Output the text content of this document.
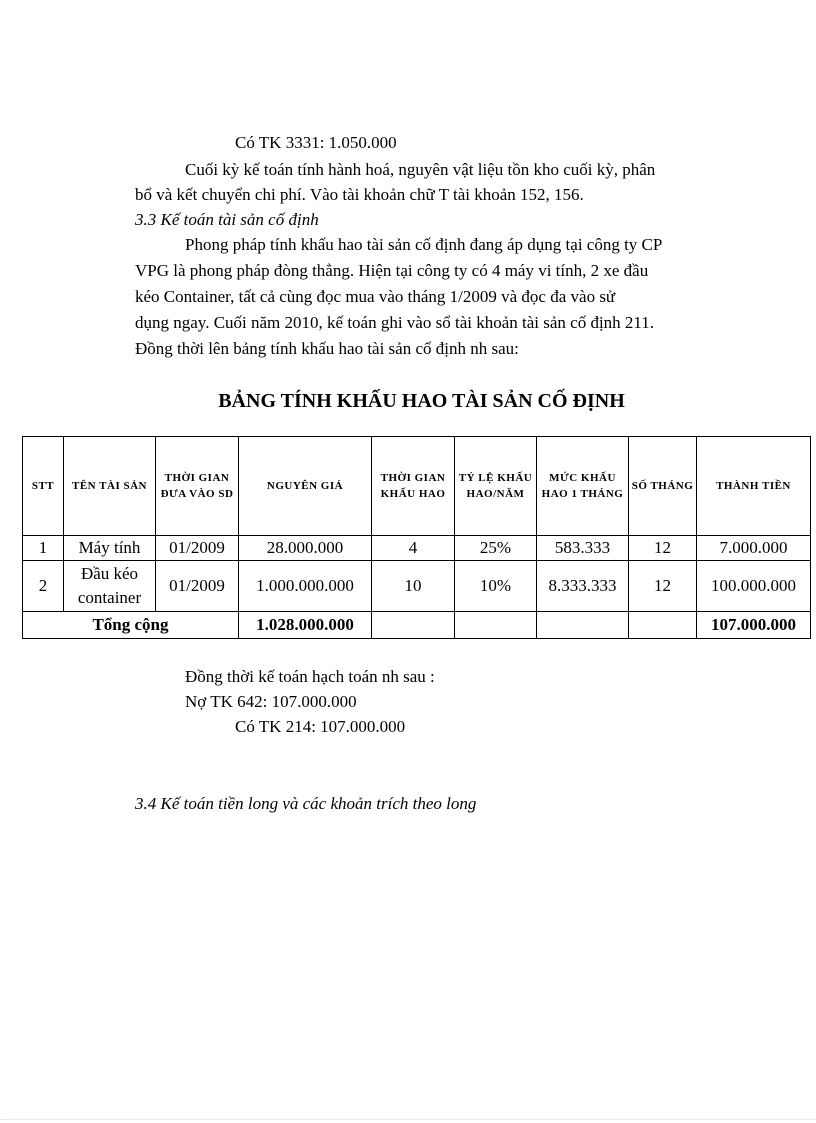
Có TK 3331: 1.050.000
Cuối kỳ kế toán tính hành hoá, nguyên vật liệu tồn kho cuối kỳ, phân
bổ và kết chuyển chi phí. Vào tài khoản chữ T tài khoản 152, 156.
3.3 Kế toán tài sản cố định
Phong pháp tính khấu hao tài sản cố định đang áp dụng tại công ty CP
VPG là phong pháp đòng thẳng. Hiện tại công ty có 4 máy vi tính, 2 xe đầu
kéo Container, tất cả cùng đọc mua vào tháng 1/2009 và đọc đa vào sử
dụng ngay. Cuối năm 2010, kế toán ghi vào sổ tài khoản tài sản cố định 211.
Đồng thời lên bảng tính khấu hao tài sản cố định nh sau:
BẢNG TÍNH KHẤU HAO TÀI SẢN CỐ ĐỊNH
STT	TÊN TÀI SẢN	THỜI GIAN ĐƯA VÀO SD	NGUYÊN GIÁ	THỜI GIAN KHẤU HAO	TỶ LỆ KHẤU HAO/NĂM	MỨC KHẤU HAO 1 THÁNG	SỐ THÁNG	THÀNH TIỀN
1	Máy tính	01/2009	28.000.000	4	25%	583.333	12	7.000.000
2	Đầu kéo container	01/2009	1.000.000.000	10	10%	8.333.333	12	100.000.000
Tổng cộng			1.028.000.000					107.000.000
Đồng thời kế toán hạch toán nh sau :
Nợ TK 642: 107.000.000
Có TK 214: 107.000.000
3.4 Kế toán tiền long và các khoản trích theo long
